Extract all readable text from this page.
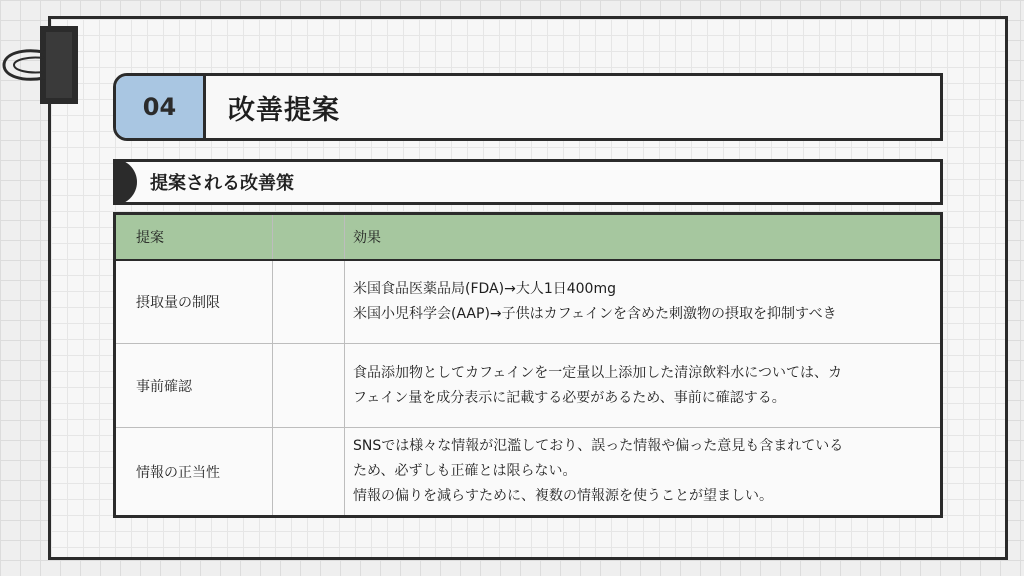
04	改善提案
提案される改善策
提案		効果
摂取量の制限		米国食品医薬品局(FDA)→大人1日400mg
米国小児科学会(AAP)→子供はカフェインを含めた刺激物の摂取を抑制すべき

事前確認		食品添加物としてカフェインを一定量以上添加した清涼飲料水については、カ
フェイン量を成分表示に記載する必要があるため、事前に確認する。

情報の正当性		SNSでは様々な情報が氾濫しており、誤った情報や偏った意見も含まれている
ため、必ずしも正確とは限らない。
情報の偏りを減らすために、複数の情報源を使うことが望ましい。
